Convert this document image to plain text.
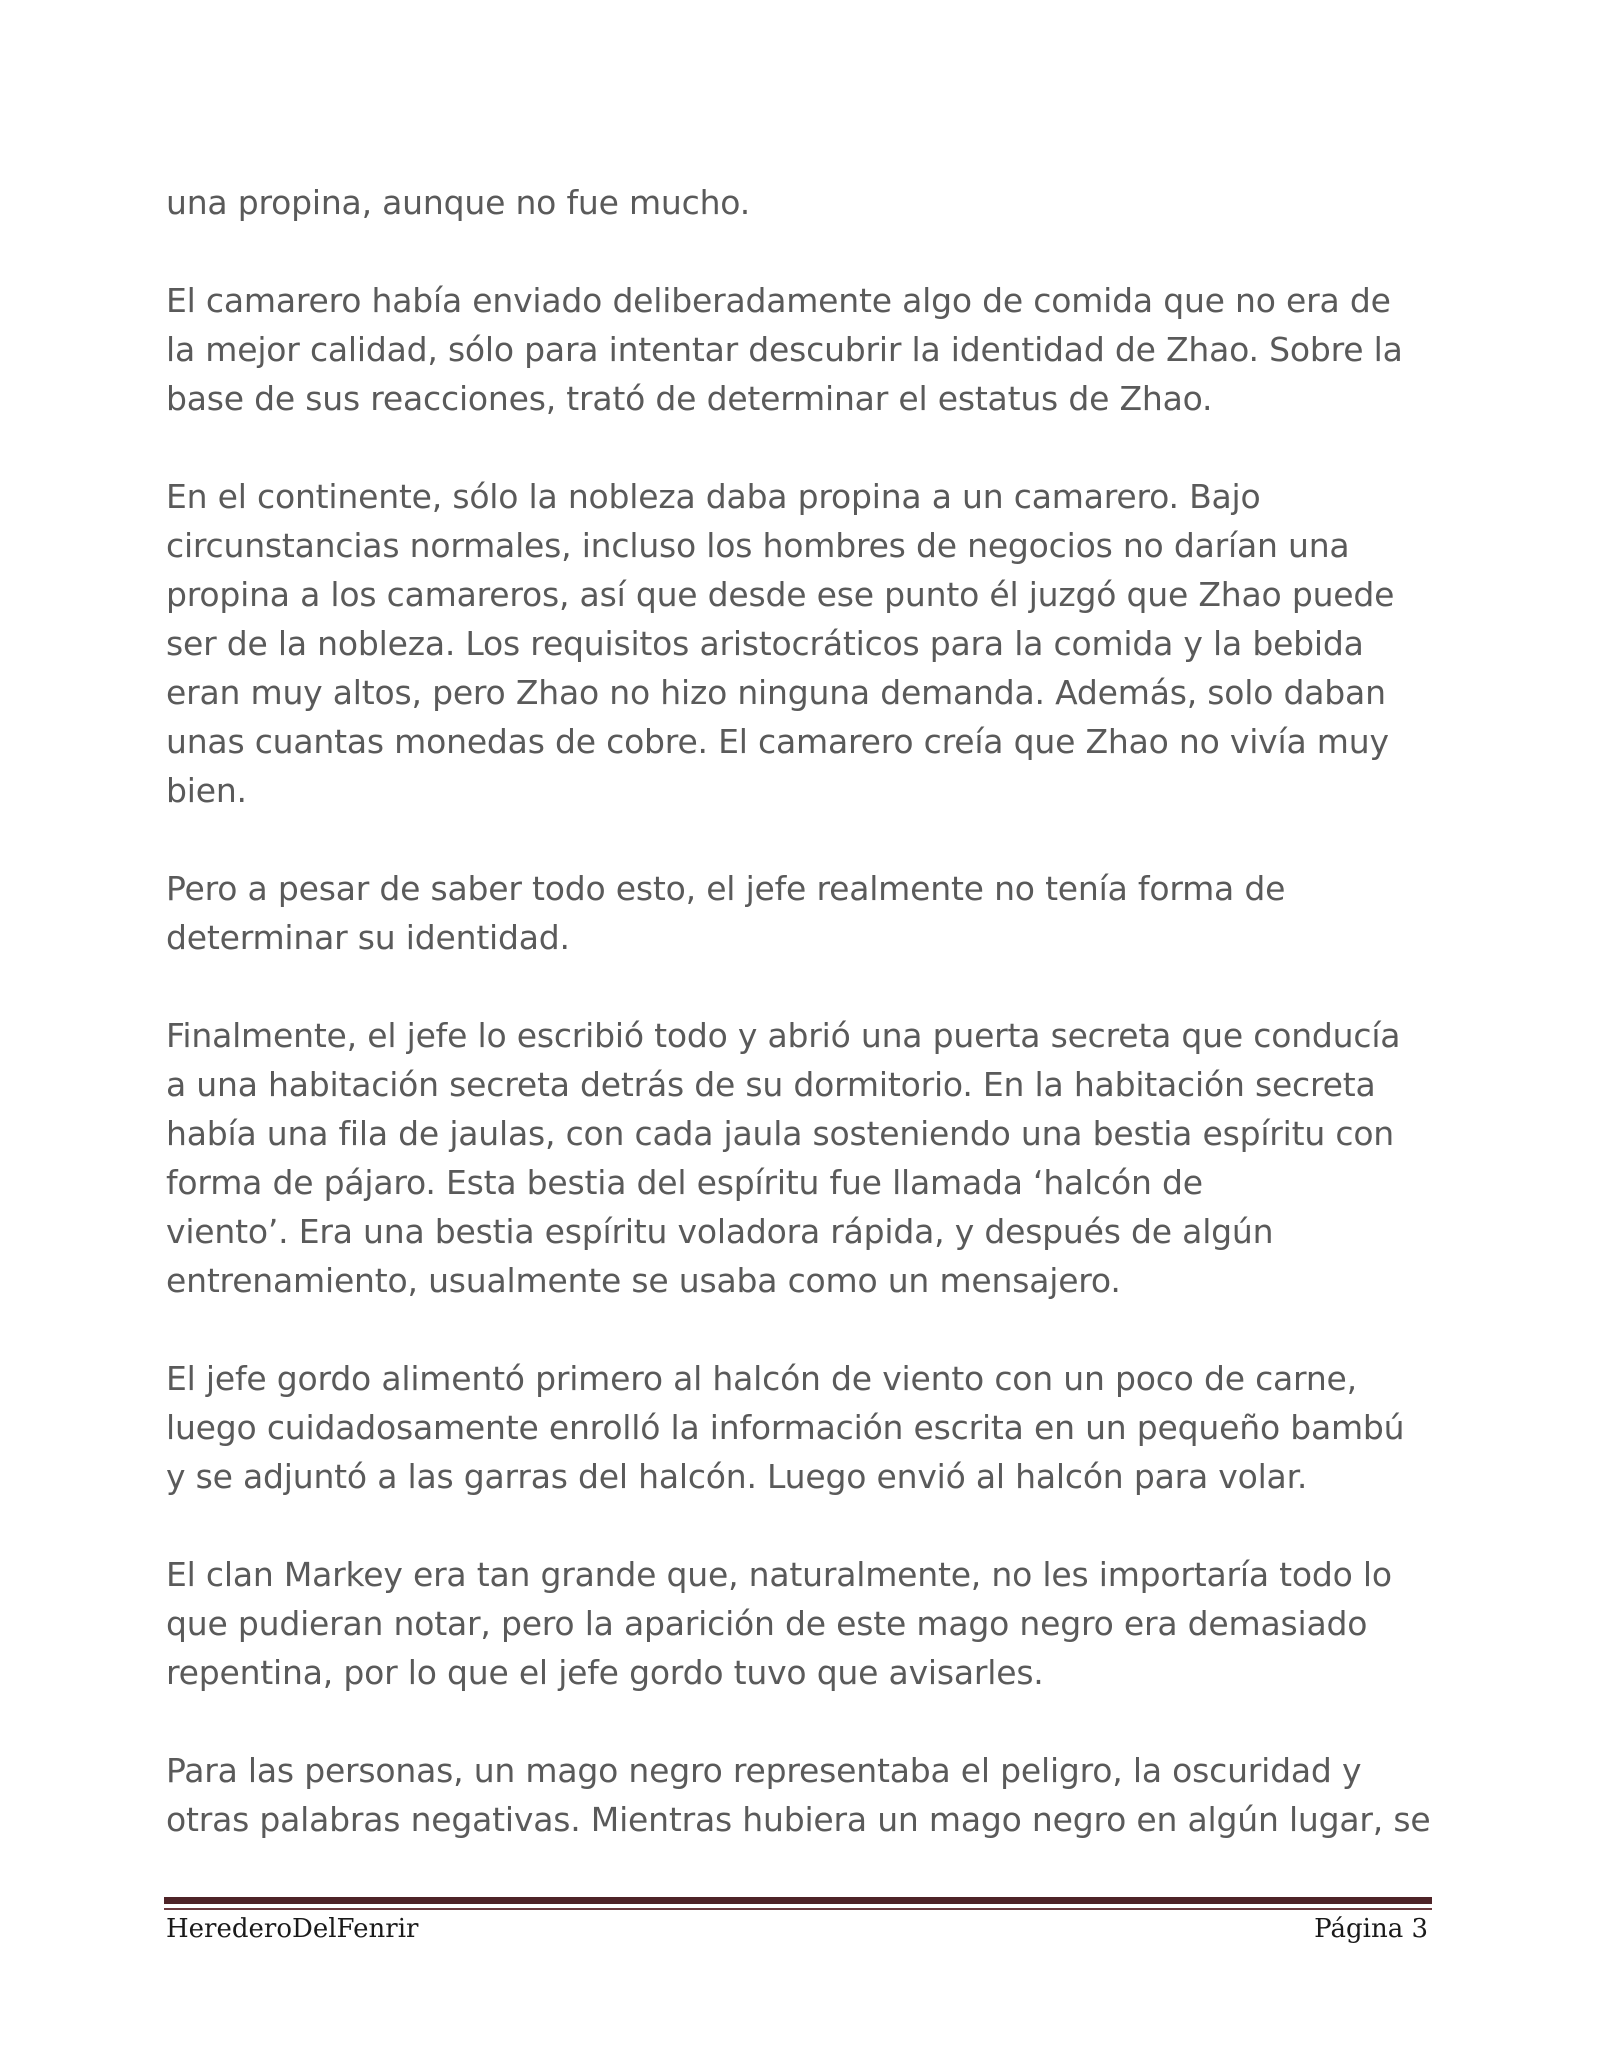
una propina, aunque no fue mucho.

El camarero había enviado deliberadamente algo de comida que no era de
la mejor calidad, sólo para intentar descubrir la identidad de Zhao. Sobre la
base de sus reacciones, trató de determinar el estatus de Zhao.

En el continente, sólo la nobleza daba propina a un camarero. Bajo
circunstancias normales, incluso los hombres de negocios no darían una
propina a los camareros, así que desde ese punto él juzgó que Zhao puede
ser de la nobleza. Los requisitos aristocráticos para la comida y la bebida
eran muy altos, pero Zhao no hizo ninguna demanda. Además, solo daban
unas cuantas monedas de cobre. El camarero creía que Zhao no vivía muy
bien.

Pero a pesar de saber todo esto, el jefe realmente no tenía forma de
determinar su identidad.

Finalmente, el jefe lo escribió todo y abrió una puerta secreta que conducía
a una habitación secreta detrás de su dormitorio. En la habitación secreta
había una fila de jaulas, con cada jaula sosteniendo una bestia espíritu con
forma de pájaro. Esta bestia del espíritu fue llamada ‘halcón de
viento’. Era una bestia espíritu voladora rápida, y después de algún
entrenamiento, usualmente se usaba como un mensajero.

El jefe gordo alimentó primero al halcón de viento con un poco de carne,
luego cuidadosamente enrolló la información escrita en un pequeño bambú
y se adjuntó a las garras del halcón. Luego envió al halcón para volar.

El clan Markey era tan grande que, naturalmente, no les importaría todo lo
que pudieran notar, pero la aparición de este mago negro era demasiado
repentina, por lo que el jefe gordo tuvo que avisarles.

Para las personas, un mago negro representaba el peligro, la oscuridad y
otras palabras negativas. Mientras hubiera un mago negro en algún lugar, se

HerederoDelFenrir	Página 3
